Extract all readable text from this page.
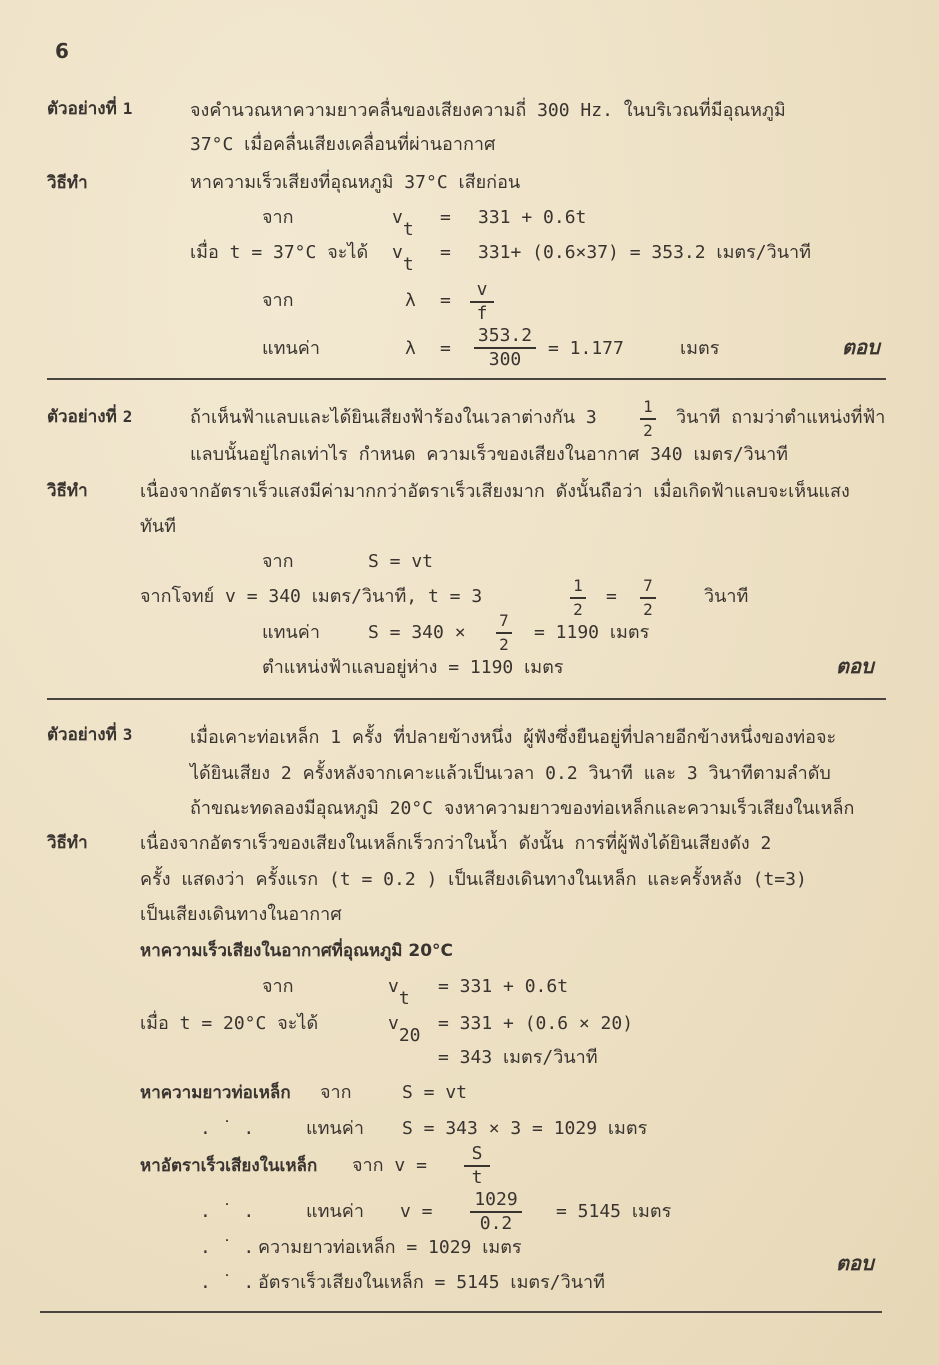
6
ตัวอย่างที่ 1	จงคำนวณหาความยาวคลื่นของเสียงความถี่ 300 Hz. ในบริเวณที่มีอุณหภูมิ
37°C เมื่อคลื่นเสียงเคลื่อนที่ผ่านอากาศ
วิธีทำ	หาความเร็วเสียงที่อุณหภูมิ 37°C เสียก่อน
จาก	vt
= 331 + 0.6t
เมื่อ t = 37°C จะได้ vt
= 331+ (0.6×37) = 353.2 เมตร/วินาที
จาก	λ =
v
f
แทนค่า	λ =
353.2
300	= 1.177	เมตร	ตอบ
ตัวอย่างที่ 2	ถ้าเห็นฟ้าแลบและได้ยินเสียงฟ้าร้องในเวลาต่างกัน 3
1
2
วินาที ถามว่าตำแหน่งที่ฟ้า
แลบนั้นอยู่ไกลเท่าไร กำหนด ความเร็วของเสียงในอากาศ 340 เมตร/วินาที
วิธีทำ	เนื่องจากอัตราเร็วแสงมีค่ามากกว่าอัตราเร็วเสียงมาก ดังนั้นถือว่า เมื่อเกิดฟ้าแลบจะเห็นแสง
ทันที
จาก	S = vt
จากโจทย์ v = 340 เมตร/วินาที, t = 3
1
2
=
7
2
วินาที
แทนค่า	S = 340 ×
7
2
= 1190 เมตร
ตำแหน่งฟ้าแลบอยู่ห่าง = 1190 เมตร	ตอบ
ตัวอย่างที่ 3	เมื่อเคาะท่อเหล็ก 1 ครั้ง ที่ปลายข้างหนึ่ง ผู้ฟังซึ่งยืนอยู่ที่ปลายอีกข้างหนึ่งของท่อจะ
ได้ยินเสียง 2 ครั้งหลังจากเคาะแล้วเป็นเวลา 0.2 วินาที และ 3 วินาทีตามลำดับ
ถ้าขณะทดลองมีอุณหภูมิ 20°C จงหาความยาวของท่อเหล็กและความเร็วเสียงในเหล็ก
วิธีทำ	เนื่องจากอัตราเร็วของเสียงในเหล็กเร็วกว่าในน้ำ ดังนั้น การที่ผู้ฟังได้ยินเสียงดัง 2
ครั้ง แสดงว่า ครั้งแรก (t = 0.2 ) เป็นเสียงเดินทางในเหล็ก และครั้งหลัง (t=3)
เป็นเสียงเดินทางในอากาศ
หาความเร็วเสียงในอากาศที่อุณหภูมิ 20°C
จาก	vt
= 331 + 0.6t
เมื่อ t = 20°C จะได้	v20
= 331 + (0.6 × 20)
= 343 เมตร/วินาที
หาความยาวท่อเหล็ก จาก	S = vt
. ˙ .	แทนค่า S = 343 × 3 = 1029 เมตร
หาอัตราเร็วเสียงในเหล็ก จาก v =
S
t
. ˙ .	แทนค่า v =
1029
0.2
= 5145 เมตร
. ˙ . ความยาวท่อเหล็ก = 1029 เมตร
ตอบ
. ˙ . อัตราเร็วเสียงในเหล็ก = 5145 เมตร/วินาที
